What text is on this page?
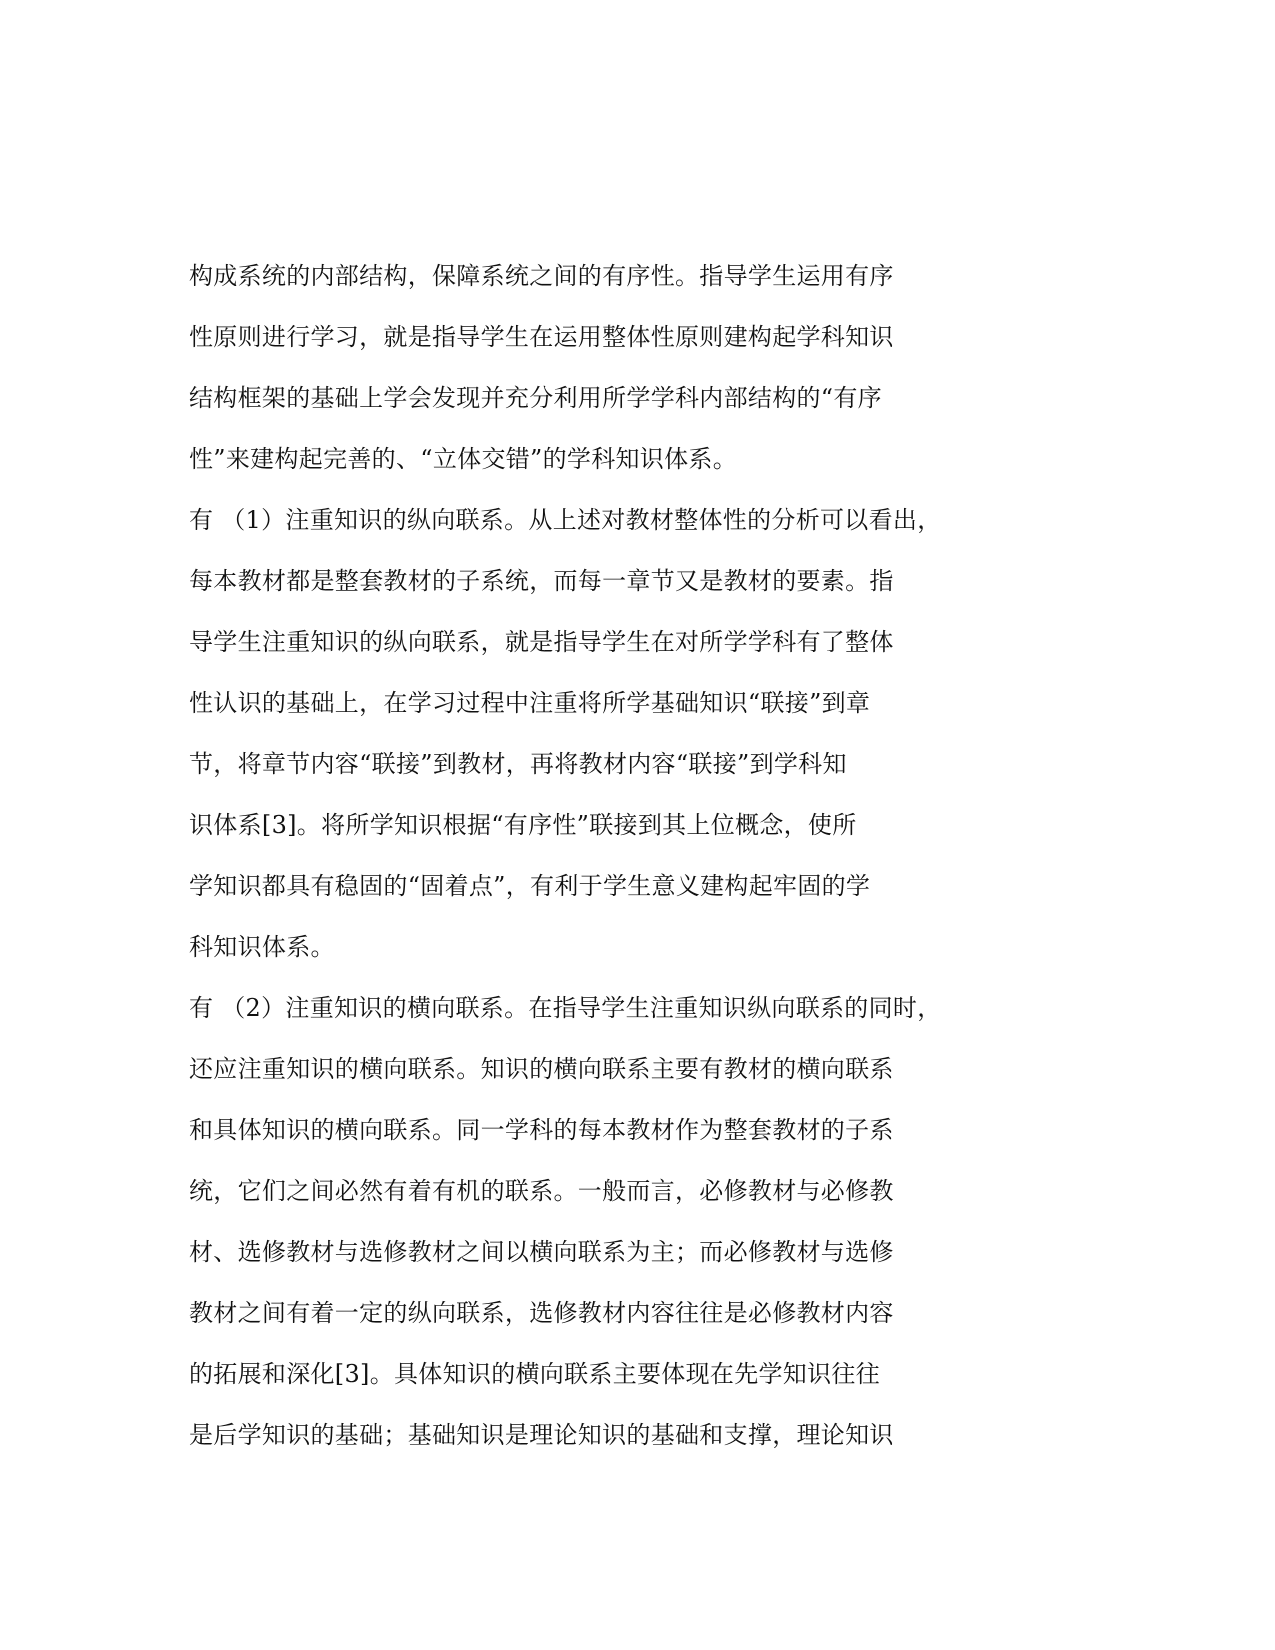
构成系统的内部结构，保障系统之间的有序性。指导学生运用有序
性原则进行学习，就是指导学生在运用整体性原则建构起学科知识
结构框架的基础上学会发现并充分利用所学学科内部结构的“有序
性”来建构起完善的、“立体交错”的学科知识体系。
有 （1）注重知识的纵向联系。从上述对教材整体性的分析可以看出，
每本教材都是整套教材的子系统，而每一章节又是教材的要素。指
导学生注重知识的纵向联系，就是指导学生在对所学学科有了整体
性认识的基础上，在学习过程中注重将所学基础知识“联接”到章
节，将章节内容“联接”到教材，再将教材内容“联接”到学科知
识体系[3]。将所学知识根据“有序性”联接到其上位概念，使所
学知识都具有稳固的“固着点”，有利于学生意义建构起牢固的学
科知识体系。
有 （2）注重知识的横向联系。在指导学生注重知识纵向联系的同时，
还应注重知识的横向联系。知识的横向联系主要有教材的横向联系
和具体知识的横向联系。同一学科的每本教材作为整套教材的子系
统，它们之间必然有着有机的联系。一般而言，必修教材与必修教
材、选修教材与选修教材之间以横向联系为主；而必修教材与选修
教材之间有着一定的纵向联系，选修教材内容往往是必修教材内容
的拓展和深化[3]。具体知识的横向联系主要体现在先学知识往往
是后学知识的基础；基础知识是理论知识的基础和支撑，理论知识
